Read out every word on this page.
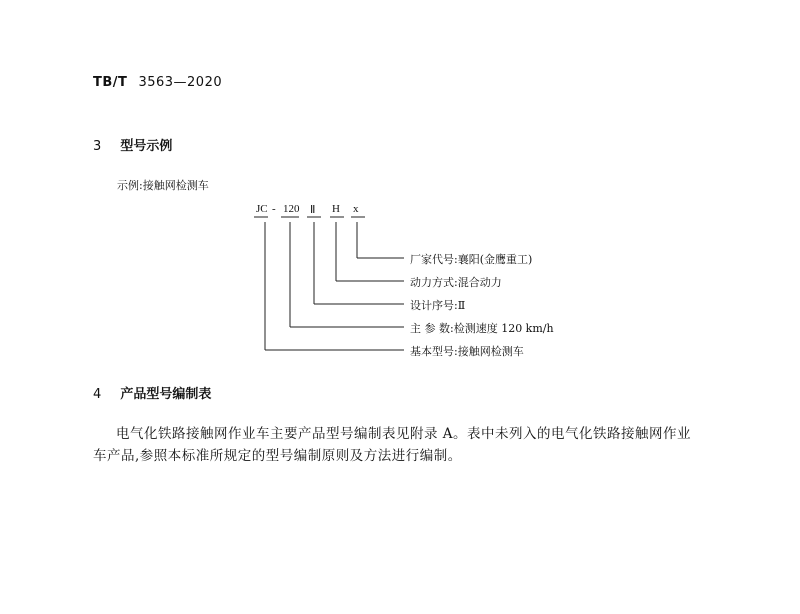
TB/T 3563—2020
3 型号示例
示例:接触网检测车
JC - 120 Ⅱ H x
厂家代号:襄阳(金鹰重工)
动力方式:混合动力
设计序号:Ⅱ
主 参 数:检测速度 120 km/h
基本型号:接触网检测车
4 产品型号编制表
电气化铁路接触网作业车主要产品型号编制表见附录 A。表中未列入的电气化铁路接触网作业
车产品,参照本标准所规定的型号编制原则及方法进行编制。
